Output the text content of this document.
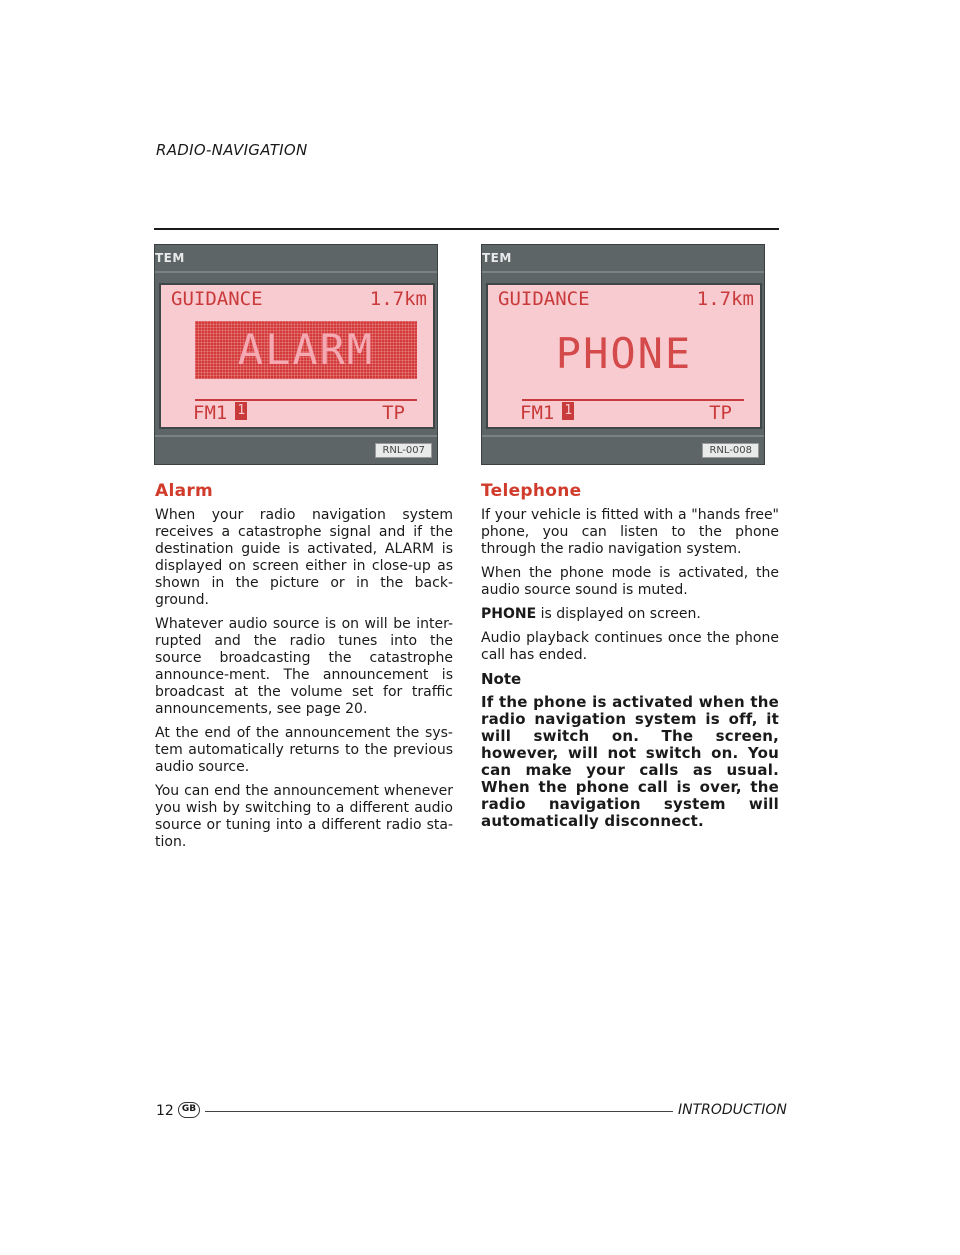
RADIO-NAVIGATION
TEM
GUIDANCE	1.7km
ALARM
FM1 1	TP
RNL-007
TEM
GUIDANCE	1.7km
PHONE
FM1 1	TP
RNL-008
Alarm

When your radio navigation system receives a catastrophe signal and if the destination guide is activated, ALARM is displayed on screen either in close-up as shown in the picture or in the back-ground.

Whatever audio source is on will be inter-rupted and the radio tunes into the source broadcasting the catastrophe announce-ment. The announcement is broadcast at the volume set for traffic announcements, see page 20.

At the end of the announcement the sys-tem automatically returns to the previous audio source.

You can end the announcement whenever you wish by switching to a different audio source or tuning into a different radio sta-tion.

Telephone

If your vehicle is fitted with a "hands free" phone, you can listen to the phone through the radio navigation system.

When the phone mode is activated, the audio source sound is muted.

PHONE is displayed on screen.

Audio playback continues once the phone call has ended.

Note
If the phone is activated when the radio navigation system is off, it will switch on. The screen, however, will not switch on. You can make your calls as usual. When the phone call is over, the radio navigation system will automatically disconnect.
12 GB	INTRODUCTION
